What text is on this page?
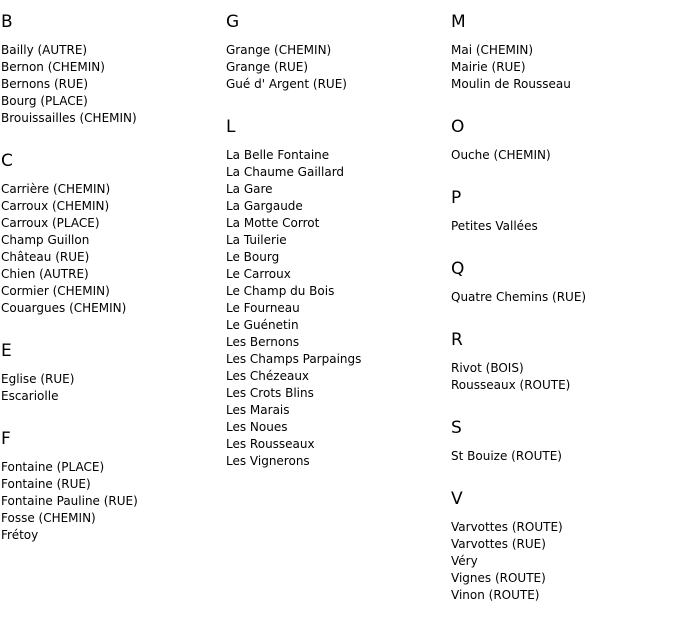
B
Bailly (AUTRE)
Bernon (CHEMIN)
Bernons (RUE)
Bourg (PLACE)
Brouissailles (CHEMIN)
C
Carrière (CHEMIN)
Carroux (CHEMIN)
Carroux (PLACE)
Champ Guillon
Château (RUE)
Chien (AUTRE)
Cormier (CHEMIN)
Couargues (CHEMIN)
E
Eglise (RUE)
Escariolle
F
Fontaine (PLACE)
Fontaine (RUE)
Fontaine Pauline (RUE)
Fosse (CHEMIN)
Frétoy
G
Grange (CHEMIN)
Grange (RUE)
Gué d' Argent (RUE)
L
La Belle Fontaine
La Chaume Gaillard
La Gare
La Gargaude
La Motte Corrot
La Tuilerie
Le Bourg
Le Carroux
Le Champ du Bois
Le Fourneau
Le Guénetin
Les Bernons
Les Champs Parpaings
Les Chézeaux
Les Crots Blins
Les Marais
Les Noues
Les Rousseaux
Les Vignerons
M
Mai (CHEMIN)
Mairie (RUE)
Moulin de Rousseau
O
Ouche (CHEMIN)
P
Petites Vallées
Q
Quatre Chemins (RUE)
R
Rivot (BOIS)
Rousseaux (ROUTE)
S
St Bouize (ROUTE)
V
Varvottes (ROUTE)
Varvottes (RUE)
Véry
Vignes (ROUTE)
Vinon (ROUTE)
